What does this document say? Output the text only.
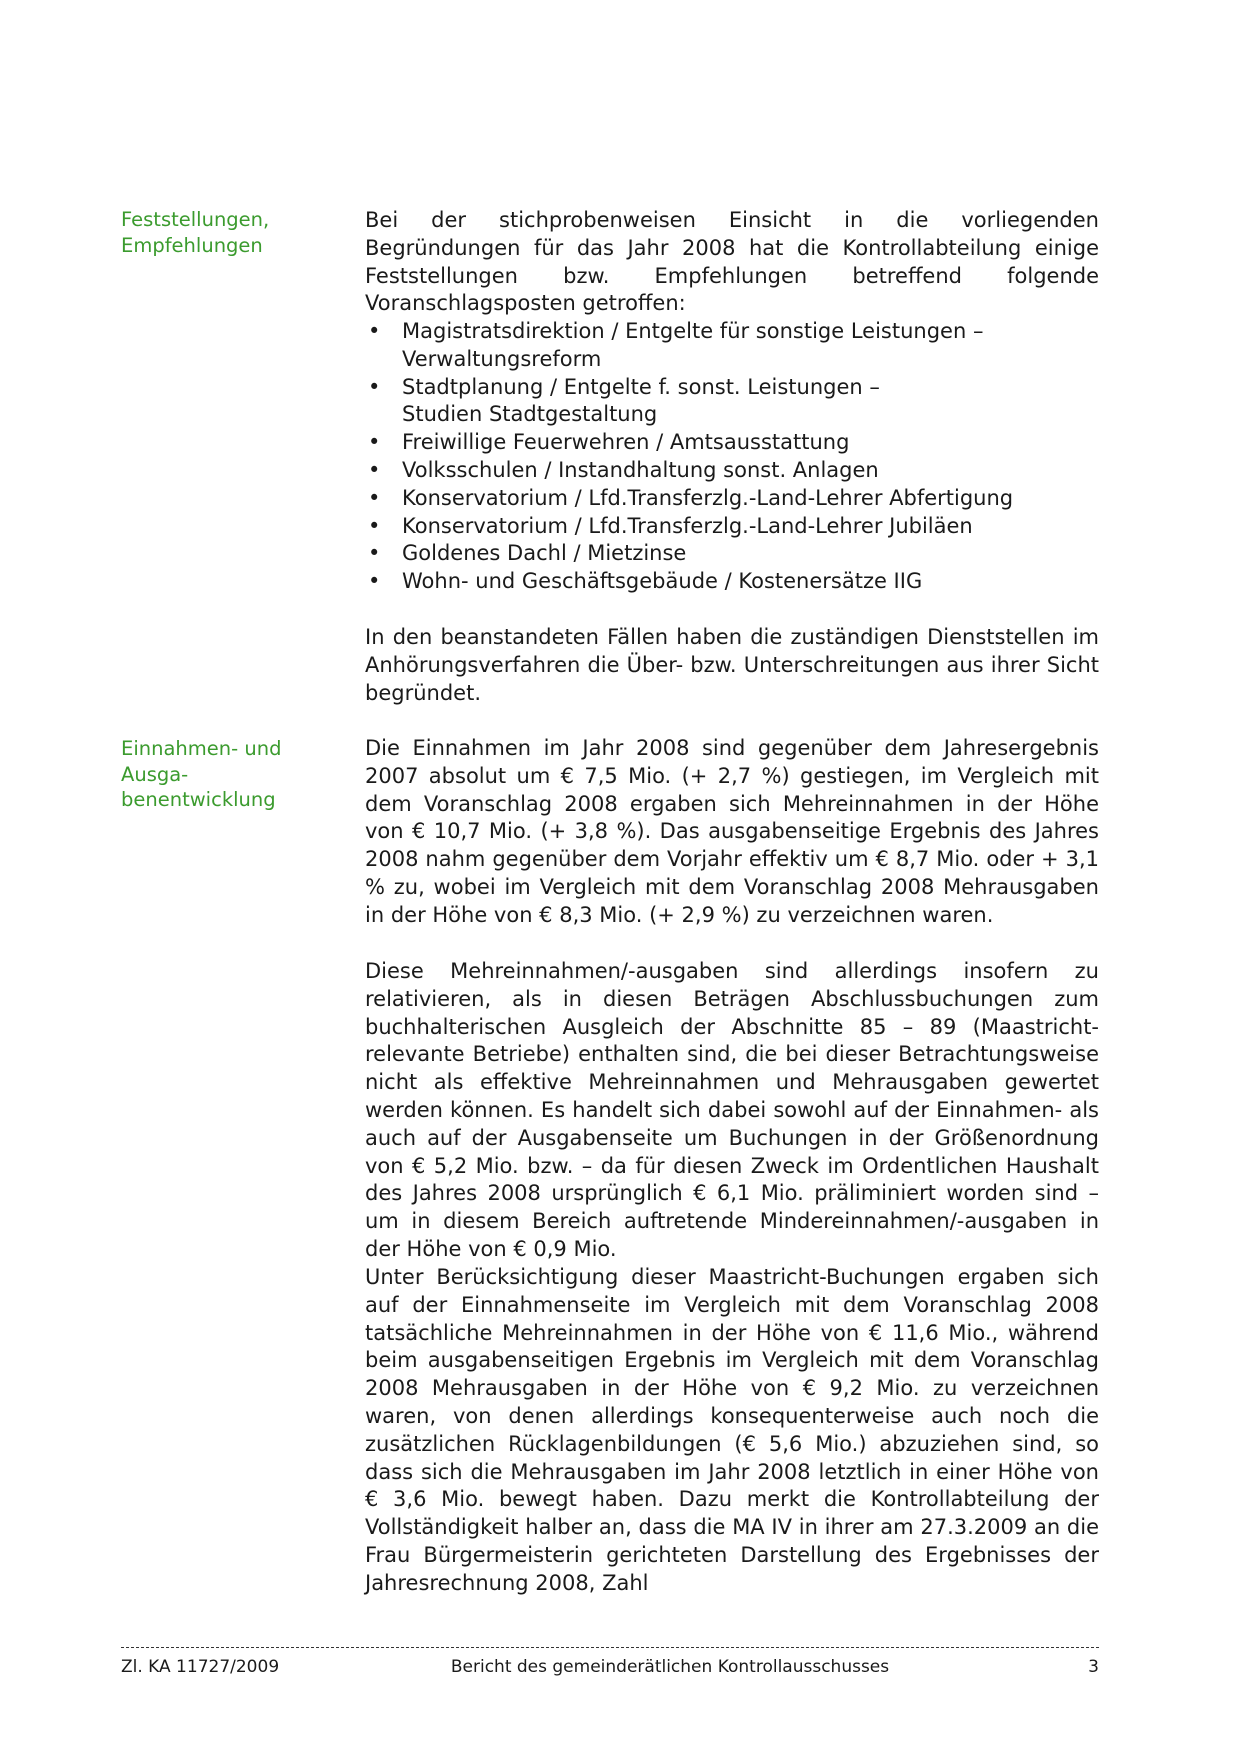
Feststellungen,
Empfehlungen

Bei der stichprobenweisen Einsicht in die vorliegenden Begründungen für das Jahr 2008 hat die Kontrollabteilung einige Feststellungen bzw. Empfehlungen betreffend folgende Voranschlagsposten getroffen:

• Magistratsdirektion / Entgelte für sonstige Leistungen –
Verwaltungsreform
• Stadtplanung / Entgelte f. sonst. Leistungen –
Studien Stadtgestaltung
• Freiwillige Feuerwehren / Amtsausstattung
• Volksschulen / Instandhaltung sonst. Anlagen
• Konservatorium / Lfd.Transferzlg.-Land-Lehrer Abfertigung
• Konservatorium / Lfd.Transferzlg.-Land-Lehrer Jubiläen
• Goldenes Dachl / Mietzinse
• Wohn- und Geschäftsgebäude / Kostenersätze IIG

In den beanstandeten Fällen haben die zuständigen Dienststellen im Anhörungsverfahren die Über- bzw. Unterschreitungen aus ihrer Sicht begründet.

Einnahmen- und Ausga-
benentwicklung

Die Einnahmen im Jahr 2008 sind gegenüber dem Jahresergebnis 2007 absolut um € 7,5 Mio. (+ 2,7 %) gestiegen, im Vergleich mit dem Voranschlag 2008 ergaben sich Mehreinnahmen in der Höhe von € 10,7 Mio. (+ 3,8 %). Das ausgabenseitige Ergebnis des Jahres 2008 nahm gegenüber dem Vorjahr effektiv um € 8,7 Mio. oder + 3,1 % zu, wobei im Vergleich mit dem Voranschlag 2008 Mehrausgaben in der Höhe von € 8,3 Mio. (+ 2,9 %) zu verzeichnen waren.

Diese Mehreinnahmen/-ausgaben sind allerdings insofern zu relativieren, als in diesen Beträgen Abschlussbuchungen zum buchhalterischen Ausgleich der Abschnitte 85 – 89 (Maastricht-relevante Betriebe) enthalten sind, die bei dieser Betrachtungsweise nicht als effektive Mehreinnahmen und Mehrausgaben gewertet werden können. Es handelt sich dabei sowohl auf der Einnahmen- als auch auf der Ausgabenseite um Buchungen in der Größenordnung von € 5,2 Mio. bzw. – da für diesen Zweck im Ordentlichen Haushalt des Jahres 2008 ursprünglich € 6,1 Mio. präliminiert worden sind – um in diesem Bereich auftretende Mindereinnahmen/-ausgaben in der Höhe von € 0,9 Mio.

Unter Berücksichtigung dieser Maastricht-Buchungen ergaben sich auf der Einnahmenseite im Vergleich mit dem Voranschlag 2008 tatsächliche Mehreinnahmen in der Höhe von € 11,6 Mio., während beim ausgabenseitigen Ergebnis im Vergleich mit dem Voranschlag 2008 Mehrausgaben in der Höhe von € 9,2 Mio. zu verzeichnen waren, von denen allerdings konsequenterweise auch noch die zusätzlichen Rücklagenbildungen (€ 5,6 Mio.) abzuziehen sind, so dass sich die Mehrausgaben im Jahr 2008 letztlich in einer Höhe von € 3,6 Mio. bewegt haben. Dazu merkt die Kontrollabteilung der Vollständigkeit halber an, dass die MA IV in ihrer am 27.3.2009 an die Frau Bürgermeisterin gerichteten Darstellung des Ergebnisses der Jahresrechnung 2008, Zahl

Zl. KA 11727/2009	Bericht des gemeinderätlichen Kontrollausschusses	3
